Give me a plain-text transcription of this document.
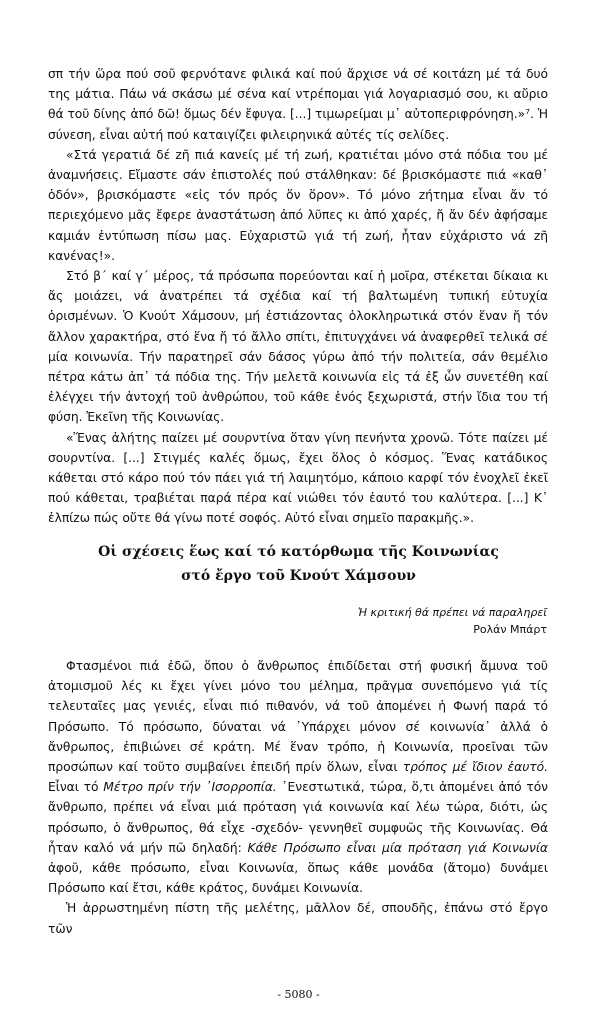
σπ τήν ὥρα πού σοῦ φερνόταvε φιλικά καί πού ἄρχισε νά σέ κοιτάzη μέ τά δυό της μάτια. Πάω νά σκάσω μέ σένα καί ντρέπομαι γιά λογαριασμό σου, κι αὔριο θά τοῦ δίνης ἀπό δῶ! ὅμως δέν ἔφυγα. [...] τιμωρείμαι μ᾽ αὐτοπεριφρόνηση.»⁷. Ἡ σύνεση, εἶναι αὐτή πού καταιγίζει φιλειρηνικά αὐτές τίς σελίδες.

«Στά γερατιά δέ zῆ πιά κανείς μέ τή zωή, κρατιέται μόνο στά πόδια του μέ ἀναμνήσεις. Εἴμαστε σάν ἐπιστολές πού στάλθηκαν: δέ βρισκόμαστε πιά «καθ᾽ ὁδόν», βρισκόμαστε «εἰς τόν πρός ὅν ὅρον». Τό μόνο zήτημα εἶναι ἄν τό περιεχόμενο μᾶς ἔφερε ἀναστάτωση ἀπό λῦπες κι ἀπό χαρές, ἤ ἄν δέν ἀφήσαμε καμιάν ἐντύπωση πίσω μας. Εὐχαριστῶ γιά τή zωή, ἦταν εὐχάριστο νά zῆ κανένας!».

Στό β´ καί γ´ μέρος, τά πρόσωπα πορεύονται καί ἡ μοῖρα, στέκεται δίκαια κι ἄς μοιάzει, νά ἀνατρέπει τά σχέδια καί τή βαλτωμένη τυπική εὐτυχία ὁρισμένων. Ὁ Κνούτ Χάμσουν, μή ἐστιάzοντας ὁλοκληρωτικά στόν ἕναν ἤ τόν ἄλλον χαρακτήρα, στό ἕνα ἤ τό ἄλλο σπίτι, ἐπιτυγχάνει νά ἀναφερθεῖ τελικά σέ μία κοινωνία. Τήν παρατηρεῖ σάν δάσος γύρω ἀπό τήν πολιτεία, σάν θεμέλιο πέτρα κάτω ἀπ᾽ τά πόδια της. Τήν μελετᾶ κοινωνία εἰς τά ἐξ ὧν συνετέθη καί ἐλέγχει τήν ἀντοχή τοῦ ἀνθρώπου, τοῦ κάθε ἑνός ξεχωριστά, στήν ἴδια του τή φύση. Ἐκεῖνη τῆς Κοινωνίας.

«Ἕνας ἀλήτης παίzει μέ σουρντίνα ὅταν γίνη πενήντα χρονῶ. Τότε παίzει μέ σουρντίνα. [...] Στιγμές καλές ὅμως, ἔχει ὅλος ὁ κόσμος. Ἕνας κατάδικος κάθεται στό κάρο πού τόν πάει γιά τή λαιμητόμο, κάποιο καρφί τόν ἐνοχλεῖ ἐκεῖ πού κάθεται, τραβιέται παρά πέρα καί νιώθει τόν ἑαυτό του καλύτερα. [...] Κ᾽ ἐλπίzω πώς οὔτε θά γίνω ποτέ σοφός. Αὐτό εἶναι σημεῖο παρακμῆς.».

Οἱ σχέσεις ἕως καί τό κατόρθωμα τῆς Κοινωνίας
στό ἔργο τοῦ Κνούτ Χάμσουν
Ἡ κριτική θά πρέπει νά παραληρεῖ
Ρολάν Μπάρτ

Φτασμένοι πιά ἐδῶ, ὅπου ὁ ἄνθρωπος ἐπιδίδεται στή φυσική ἄμυνα τοῦ ἀτομισμοῦ λές κι ἔχει γίνει μόνο του μέλημα, πρᾶγμα συνεπόμενο γιά τίς τελευταῖες μας γενιές, εἶναι πιό πιθανόν, νά τοῦ ἀπομένει ἡ Φωνή παρά τό Πρόσωπο. Τό πρόσωπο, δύναται νά ᾿Υπάρχει μόνον σέ κοινωνία᾽ ἀλλά ὁ ἄνθρωπος, ἐπιβιώνει σέ κράτη. Μέ ἕναν τρόπο, ἡ Κοινωνία, προεῖναι τῶν προσώπων καί τοῦτο συμβαίνει ἐπειδή πρίν ὅλων, εἶναι τρόπος μέ ἴδιον ἑαυτό. Εἶναι τό Μέτρο πρίν τήν ᾿Ισορροπία. ᾿Ενεστωτικά, τώρα, ὅ,τι ἀπομένει ἀπό τόν ἄνθρωπο, πρέπει νά εἶναι μιά πρόταση γιά κοινωνία καί λέω τώρα, διότι, ὡς πρόσωπο, ὁ ἄνθρωπος, θά εἶχε -σχεδόν- γεννηθεῖ συμφυῶς τῆς Κοινωνίας. Θά ἦταν καλό νά μήν πῶ δηλαδή: Κάθε Πρόσωπο εἶναι μία πρόταση γιά Κοινωνία ἀφοῦ, κάθε πρόσωπο, εἶναι Κοινωνία, ὅπως κάθε μονάδα (ἄτομο) δυνάμει Πρόσωπο καί ἔτσι, κάθε κράτος, δυνάμει Κοινωνία.

Ἡ ἀρρωστημένη πίστη τῆς μελέτης, μᾶλλον δέ, σπουδῆς, ἐπάνω στό ἔργο τῶν

- 5080 -
